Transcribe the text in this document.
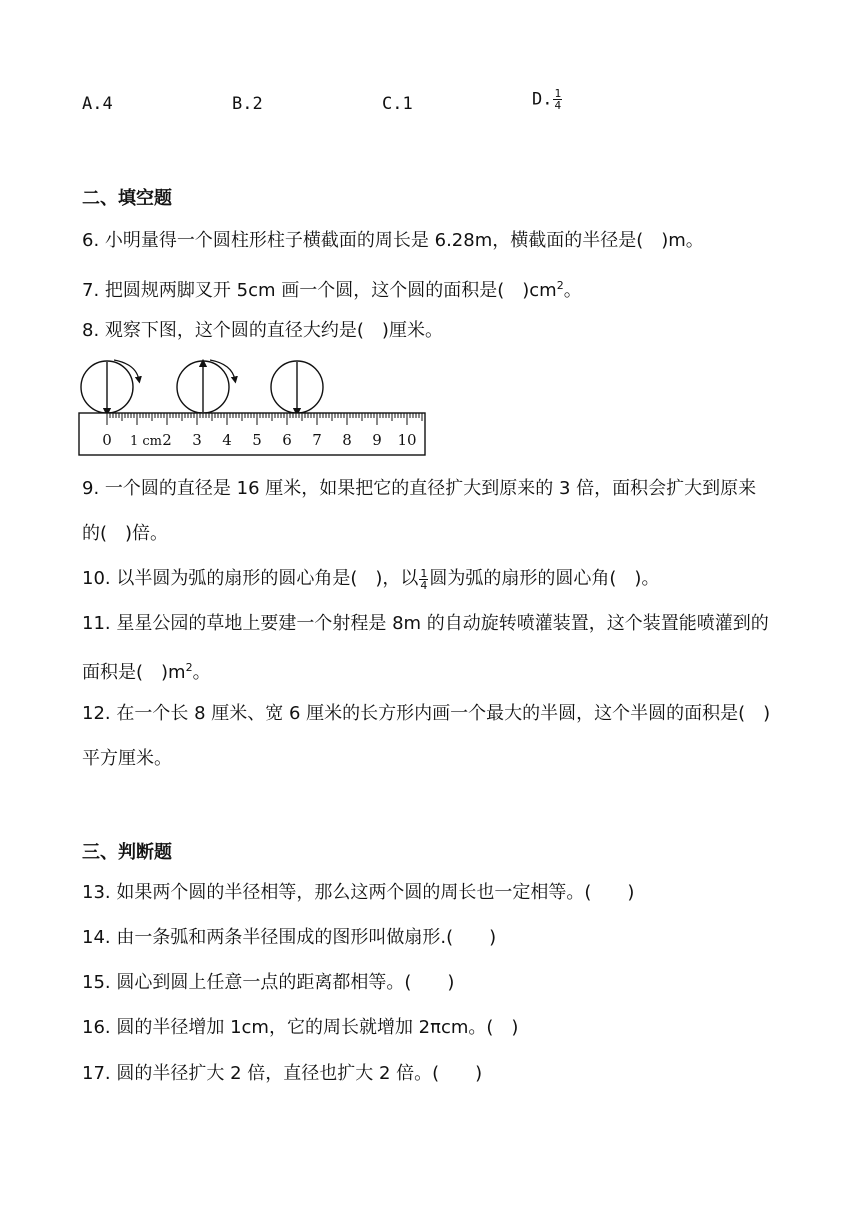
A.4	B.2	C.1	D. $\frac{1}{4}$
二、填空题
6. 小明量得一个圆柱形柱子横截面的周长是 6.28m，横截面的半径是(　)m。
7. 把圆规两脚叉开 5cm 画一个圆，这个圆的面积是(　)$cm^2$。
8. 观察下图，这个圆的直径大约是(　)厘米。
0 1 cm 2 3 4 5 6 7 8 9 10
9. 一个圆的直径是 16 厘米，如果把它的直径扩大到原来的 3 倍，面积会扩大到原来
的(　)倍。
10. 以半圆为弧的扇形的圆心角是(　)，以 $\frac{1}{4}$ 圆为弧的扇形的圆心角(　)。
11. 星星公园的草地上要建一个射程是 8m 的自动旋转喷灌装置，这个装置能喷灌到的
面积是(　)$m^2$。
12. 在一个长 8 厘米、宽 6 厘米的长方形内画一个最大的半圆，这个半圆的面积是(　)
平方厘米。
三、判断题
13. 如果两个圆的半径相等，那么这两个圆的周长也一定相等。(　　)
14. 由一条弧和两条半径围成的图形叫做扇形.(　　)
15. 圆心到圆上任意一点的距离都相等。(　　)
16. 圆的半径增加 1cm，它的周长就增加 2πcm。(　)
17. 圆的半径扩大 2 倍，直径也扩大 2 倍。(　　)
